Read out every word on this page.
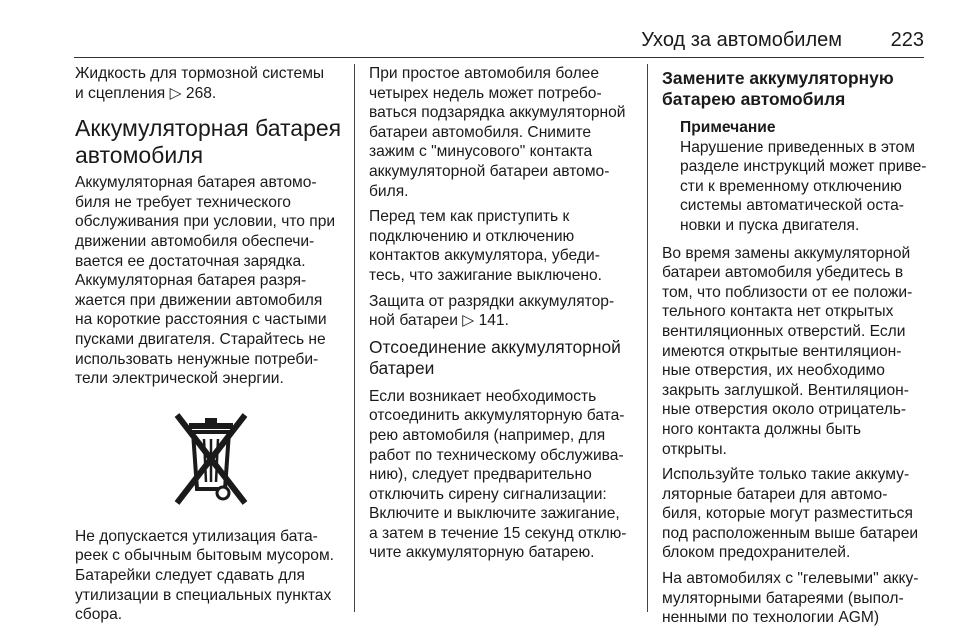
Уход за автомобилем 223

Жидкость для тормозной системы
и сцепления ▷ 268.

Аккумуляторная батарея
автомобиля

Аккумуляторная батарея автомо-
биля не требует технического
обслуживания при условии, что при
движении автомобиля обеспечи-
вается ее достаточная зарядка.
Аккумуляторная батарея разря-
жается при движении автомобиля
на короткие расстояния с частыми
пусками двигателя. Старайтесь не
использовать ненужные потреби-
тели электрической энергии.

Не допускается утилизация бата-
реек с обычным бытовым мусором.
Батарейки следует сдавать для
утилизации в специальных пунктах
сбора.

При простое автомобиля более
четырех недель может потребо-
ваться подзарядка аккумуляторной
батареи автомобиля. Снимите
зажим с "минусового" контакта
аккумуляторной батареи автомо-
биля.

Перед тем как приступить к
подключению и отключению
контактов аккумулятора, убеди-
тесь, что зажигание выключено.

Защита от разрядки аккумулятор-
ной батареи ▷ 141.

Отсоединение аккумуляторной
батареи

Если возникает необходимость
отсоединить аккумуляторную бата-
рею автомобиля (например, для
работ по техническому обслужива-
нию), следует предварительно
отключить сирену сигнализации:
Включите и выключите зажигание,
а затем в течение 15 секунд отклю-
чите аккумуляторную батарею.

Замените аккумуляторную
батарею автомобиля
Примечание
Нарушение приведенных в этом
разделе инструкций может приве-
сти к временному отключению
системы автоматической оста-
новки и пуска двигателя.

Во время замены аккумуляторной
батареи автомобиля убедитесь в
том, что поблизости от ее положи-
тельного контакта нет открытых
вентиляционных отверстий. Если
имеются открытые вентиляцион-
ные отверстия, их необходимо
закрыть заглушкой. Вентиляцион-
ные отверстия около отрицатель-
ного контакта должны быть
открыты.

Используйте только такие аккуму-
ляторные батареи для автомо-
биля, которые могут разместиться
под расположенным выше батареи
блоком предохранителей.

На автомобилях с "гелевыми" акку-
муляторными батареями (выпол-
ненными по технологии AGM)
